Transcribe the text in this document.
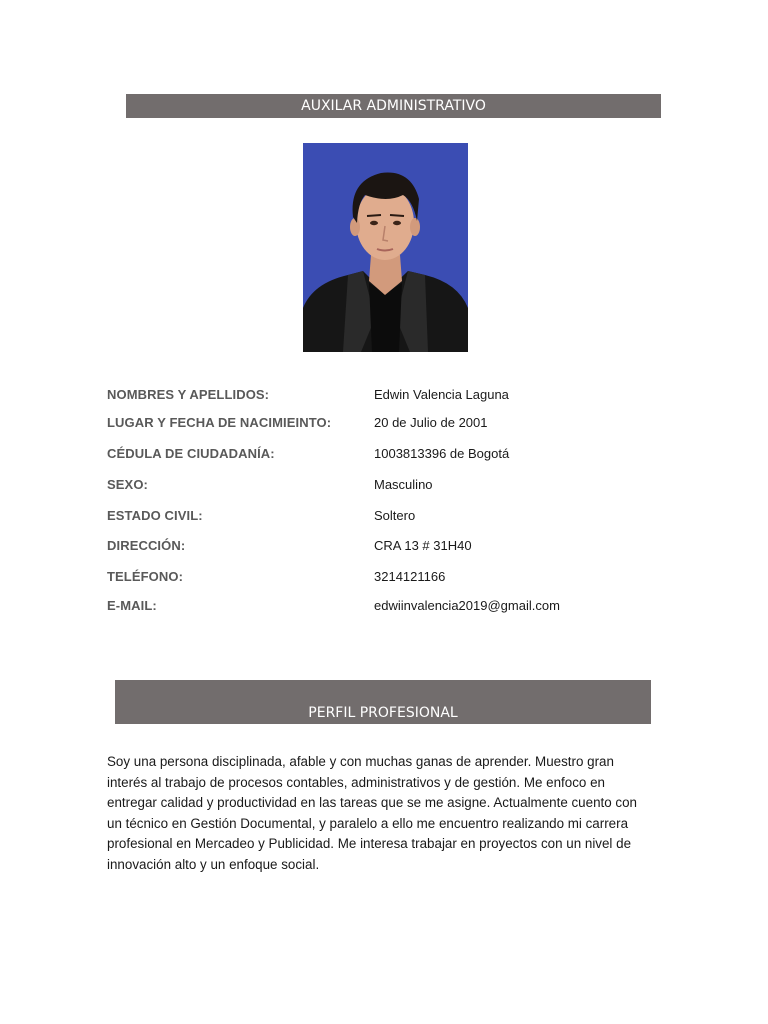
AUXILAR ADMINISTRATIVO
NOMBRES Y APELLIDOS:	Edwin Valencia Laguna
LUGAR Y FECHA DE NACIMIEINTO:	20 de Julio de 2001
CÉDULA DE CIUDADANÍA:	1003813396 de Bogotá
SEXO:	Masculino
ESTADO CIVIL:	Soltero
DIRECCIÓN:	CRA 13 # 31H40
TELÉFONO:	3214121166
E-MAIL:	edwiinvalencia2019@gmail.com
PERFIL PROFESIONAL

Soy una persona disciplinada, afable y con muchas ganas de aprender. Muestro gran interés al trabajo de procesos contables, administrativos y de gestión. Me enfoco en entregar calidad y productividad en las tareas que se me asigne. Actualmente cuento con un técnico en Gestión Documental, y paralelo a ello me encuentro realizando mi carrera profesional en Mercadeo y Publicidad. Me interesa trabajar en proyectos con un nivel de innovación alto y un enfoque social.
